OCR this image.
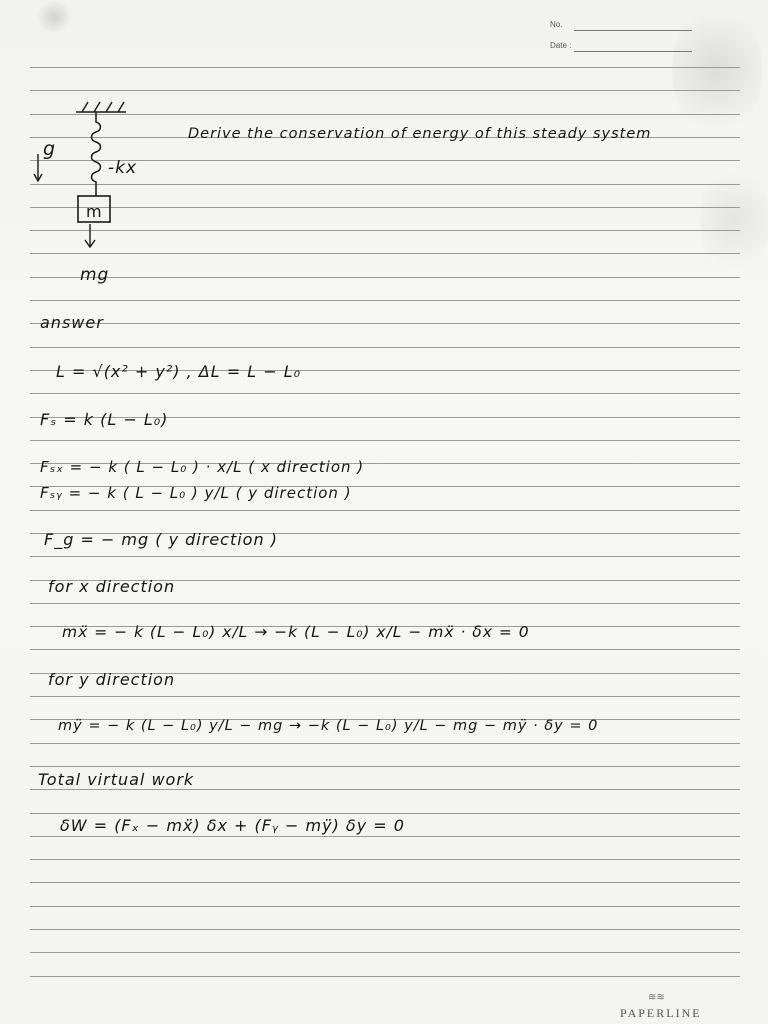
No.
Date :
g
-kx
m
mg
Derive the conservation of energy of this steady system
answer
L = √(x² + y²) , ΔL = L − L₀
Fₛ = k (L − L₀)
Fₛₓ = − k ( L − L₀ ) · x/L ( x direction )
Fₛᵧ = − k ( L − L₀ ) y/L ( y direction )
F_g = − mg ( y direction )
for x direction
mẍ = − k (L − L₀) x/L → −k (L − L₀) x/L − mẍ · δx = 0
for y direction
mÿ = − k (L − L₀) y/L − mg → −k (L − L₀) y/L − mg − mÿ · δy = 0
Total virtual work
δW = (Fₓ − mẍ) δx + (Fᵧ − mÿ) δy = 0
≋≋
PAPERLINE
